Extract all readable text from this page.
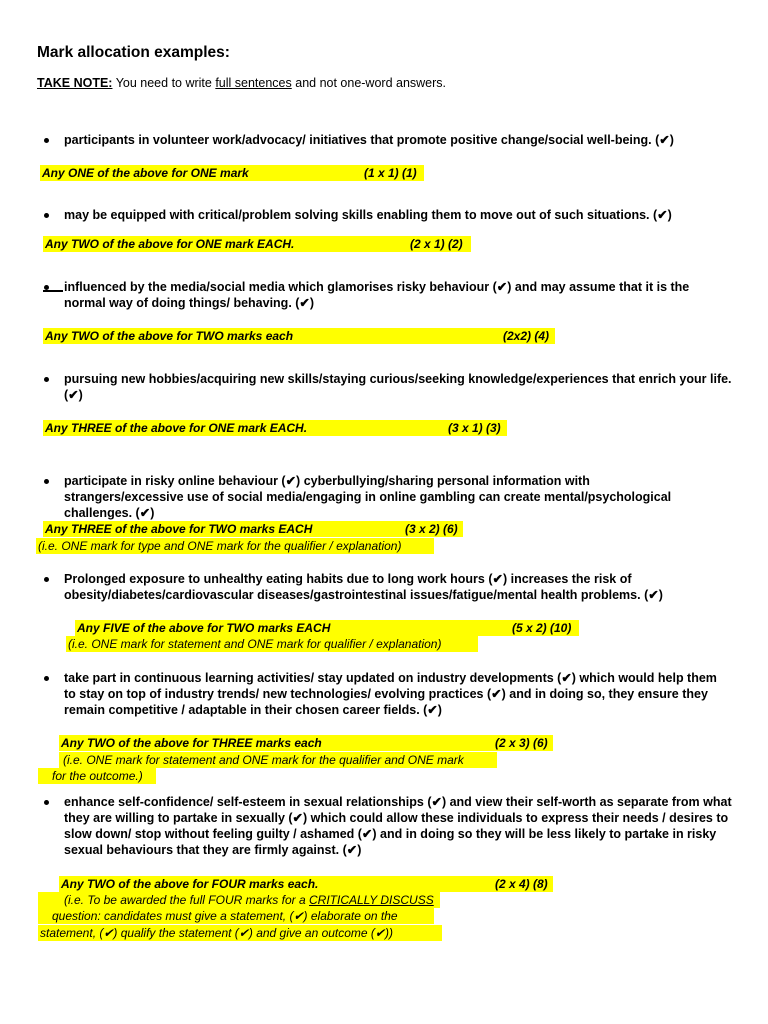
Mark allocation examples:
TAKE NOTE: You need to write full sentences and not one-word answers.
participants in volunteer work/advocacy/ initiatives that promote positive change/social well-being. (✔)
Any ONE of the above for ONE mark	(1 x 1) (1)
may be equipped with critical/problem solving skills enabling them to move out of such situations. (✔)
Any TWO of the above for ONE mark EACH.	(2 x 1) (2)
influenced by the media/social media which glamorises risky behaviour (✔) and may assume that it is the normal way of doing things/ behaving. (✔)
Any TWO of the above for TWO marks each	(2x2) (4)
pursuing new hobbies/acquiring new skills/staying curious/seeking knowledge/experiences that enrich your life. (✔)
Any THREE of the above for ONE mark EACH.	(3 x 1) (3)
participate in risky online behaviour (✔) cyberbullying/sharing personal information with strangers/excessive use of social media/engaging in online gambling can create mental/psychological challenges. (✔)
Any THREE of the above for TWO marks EACH	(3 x 2) (6)
(i.e. ONE mark for type and ONE mark for the qualifier / explanation)
Prolonged exposure to unhealthy eating habits due to long work hours (✔) increases the risk of obesity/diabetes/cardiovascular diseases/gastrointestinal issues/fatigue/mental health problems. (✔)
Any FIVE of the above for TWO marks EACH	(5 x 2) (10)
(i.e. ONE mark for statement and ONE mark for qualifier / explanation)
take part in continuous learning activities/ stay updated on industry developments (✔) which would help them to stay on top of industry trends/ new technologies/ evolving practices (✔) and in doing so, they ensure they remain competitive / adaptable in their chosen career fields. (✔)
Any TWO of the above for THREE marks each	(2 x 3) (6)
(i.e. ONE mark for statement and ONE mark for the qualifier and ONE mark
for the outcome.)
enhance self-confidence/ self-esteem in sexual relationships (✔) and view their self-worth as separate from what they are willing to partake in sexually (✔) which could allow these individuals to express their needs / desires to slow down/ stop without feeling guilty / ashamed (✔) and in doing so they will be less likely to partake in risky sexual behaviours that they are firmly against. (✔)
Any TWO of the above for FOUR marks each.	(2 x 4) (8)
(i.e. To be awarded the full FOUR marks for a CRITICALLY DISCUSS
question: candidates must give a statement, (✔) elaborate on the
statement, (✔) qualify the statement (✔) and give an outcome (✔))
